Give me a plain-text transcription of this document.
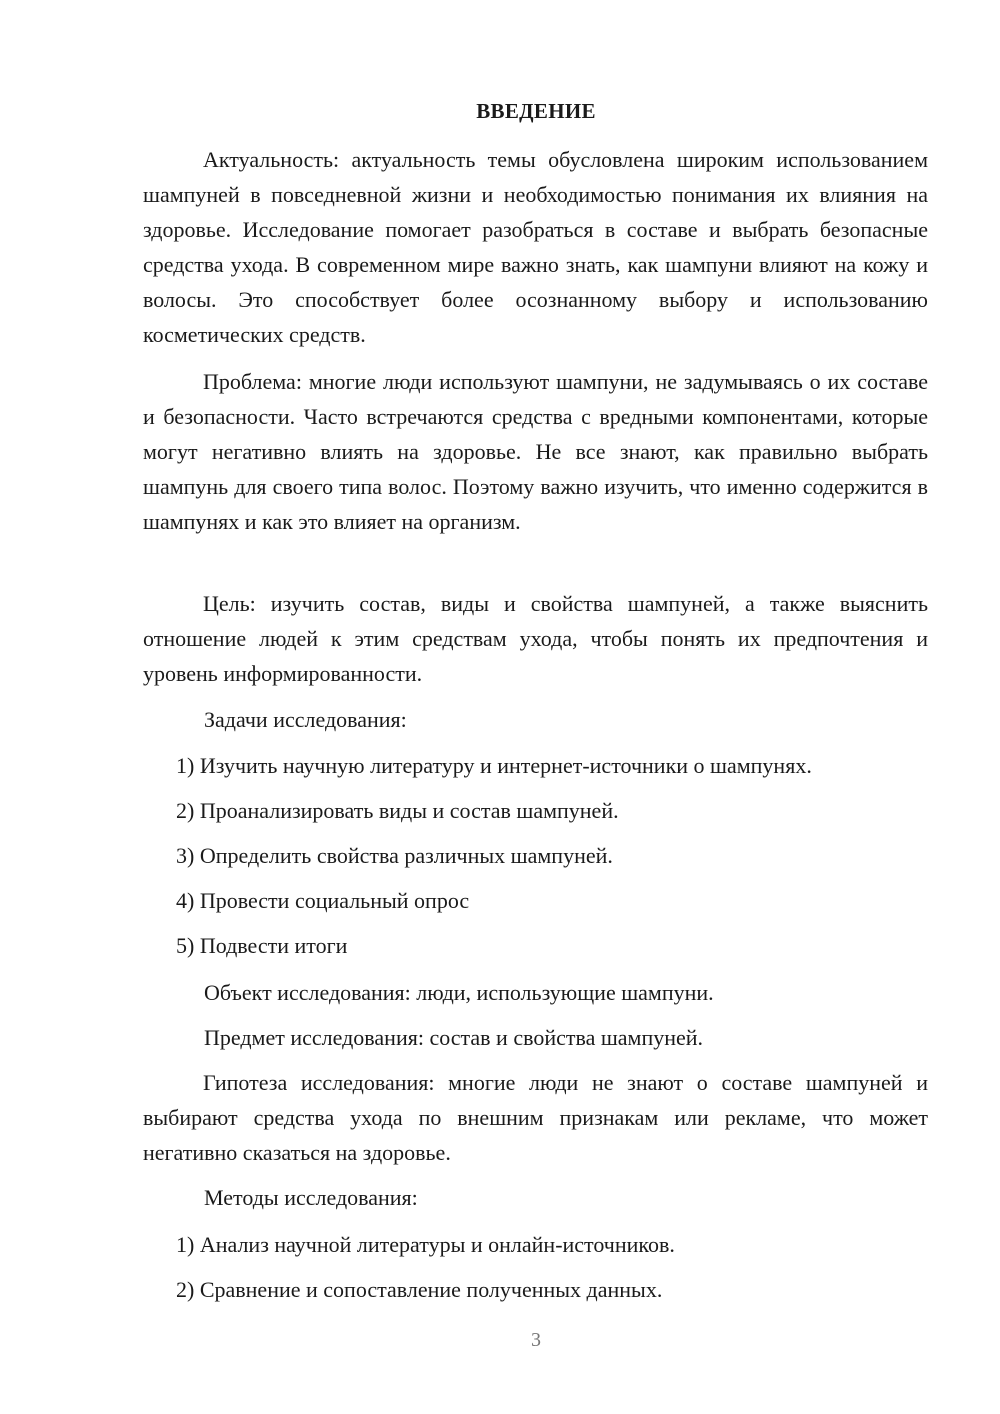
ВВЕДЕНИЕ

Актуальность: актуальность темы обусловлена широким использованием шампуней в повседневной жизни и необходимостью понимания их влияния на здоровье. Исследование помогает разобраться в составе и выбрать безопасные средства ухода. В современном мире важно знать, как шампуни влияют на кожу и волосы. Это способствует более осознанному выбору и использованию косметических средств.

Проблема: многие люди используют шампуни, не задумываясь о их составе и безопасности. Часто встречаются средства с вредными компонентами, которые могут негативно влиять на здоровье. Не все знают, как правильно выбрать шампунь для своего типа волос. Поэтому важно изучить, что именно содержится в шампунях и как это влияет на организм.

Цель: изучить состав, виды и свойства шампуней, а также выяснить отношение людей к этим средствам ухода, чтобы понять их предпочтения и уровень информированности.

Задачи исследования:

1) Изучить научную литературу и интернет-источники о шампунях.

2) Проанализировать виды и состав шампуней.

3) Определить свойства различных шампуней.

4) Провести социальный опрос

5) Подвести итоги

Объект исследования: люди, использующие шампуни.

Предмет исследования: состав и свойства шампуней.

Гипотеза исследования: многие люди не знают о составе шампуней и выбирают средства ухода по внешним признакам или рекламе, что может негативно сказаться на здоровье.

Методы исследования:

1) Анализ научной литературы и онлайн-источников.

2) Сравнение и сопоставление полученных данных.

3
